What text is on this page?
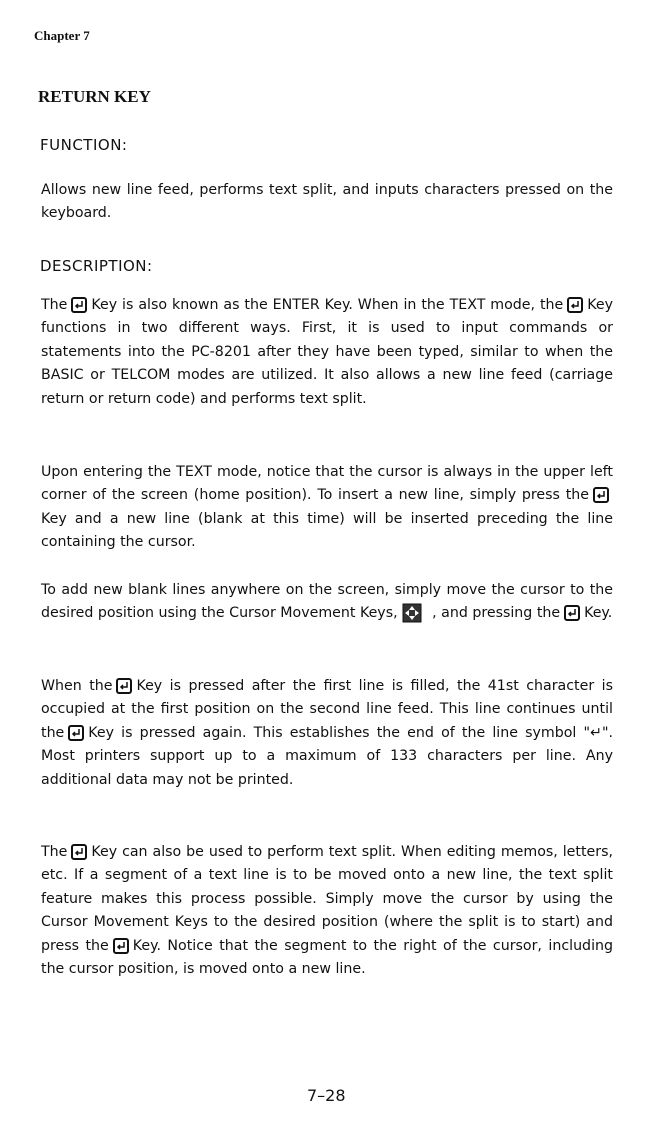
Chapter 7
RETURN KEY
FUNCTION:
Allows new line feed, performs text split, and inputs characters pressed on the keyboard.
DESCRIPTION:
The Key is also known as the ENTER Key. When in the TEXT mode, the Key functions in two different ways. First, it is used to input commands or statements into the PC-8201 after they have been typed, similar to when the BASIC or TELCOM modes are utilized. It also allows a new line feed (carriage return or return code) and performs text split.
Upon entering the TEXT mode, notice that the cursor is always in the upper left corner of the screen (home position). To insert a new line, simply press the
Key and a new line (blank at this time) will be inserted preceding the line containing the cursor.
To add new blank lines anywhere on the screen, simply move the cursor to the desired position using the Cursor Movement Keys, , and pressing the Key.
When the Key is pressed after the first line is filled, the 41st character is occupied at the first position on the second line feed. This line continues until the Key is pressed again. This establishes the end of the line symbol "↵". Most printers support up to a maximum of 133 characters per line. Any additional data may not be printed.
The Key can also be used to perform text split. When editing memos, letters, etc. If a segment of a text line is to be moved onto a new line, the text split feature makes this process possible. Simply move the cursor by using the Cursor Movement Keys to the desired position (where the split is to start) and press the Key. Notice that the segment to the right of the cursor, including the cursor position, is moved onto a new line.
7–28
